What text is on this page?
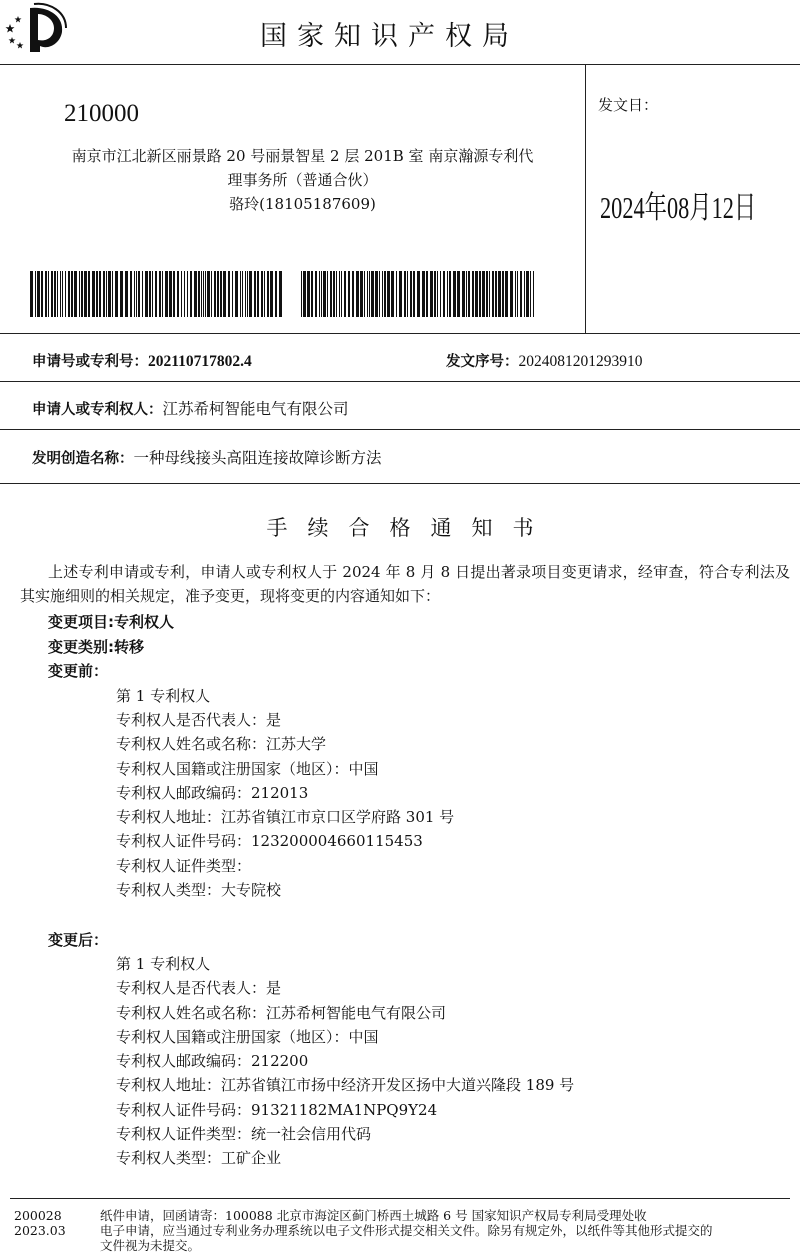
国家知识产权局
210000
南京市江北新区丽景路 20 号丽景智星 2 层 201B 室 南京瀚源专利代
理事务所（普通合伙）
骆玲(18105187609)
发文日：
2024年08月12日
申请号或专利号：202110717802.4	发文序号：2024081201293910
申请人或专利权人：江苏希柯智能电气有限公司
发明创造名称：一种母线接头高阻连接故障诊断方法
手续合格通知书
上述专利申请或专利，申请人或专利权人于 2024 年 8 月 8 日提出著录项目变更请求，经审查，符合专利法及其实施细则的相关规定，准予变更，现将变更的内容通知如下：
变更项目:专利权人
变更类别:转移
变更前：
第 1 专利权人
专利权人是否代表人：是
专利权人姓名或名称：江苏大学
专利权人国籍或注册国家（地区）：中国
专利权人邮政编码：212013
专利权人地址：江苏省镇江市京口区学府路 301 号
专利权人证件号码：123200004660115453
专利权人证件类型：
专利权人类型：大专院校
变更后：
第 1 专利权人
专利权人是否代表人：是
专利权人姓名或名称：江苏希柯智能电气有限公司
专利权人国籍或注册国家（地区）：中国
专利权人邮政编码：212200
专利权人地址：江苏省镇江市扬中经济开发区扬中大道兴隆段 189 号
专利权人证件号码：91321182MA1NPQ9Y24
专利权人证件类型：统一社会信用代码
专利权人类型：工矿企业
200028
2023.03
纸件申请，回函请寄：100088 北京市海淀区蓟门桥西土城路 6 号 国家知识产权局专利局受理处收
电子申请，应当通过专利业务办理系统以电子文件形式提交相关文件。除另有规定外，以纸件等其他形式提交的
文件视为未提交。
